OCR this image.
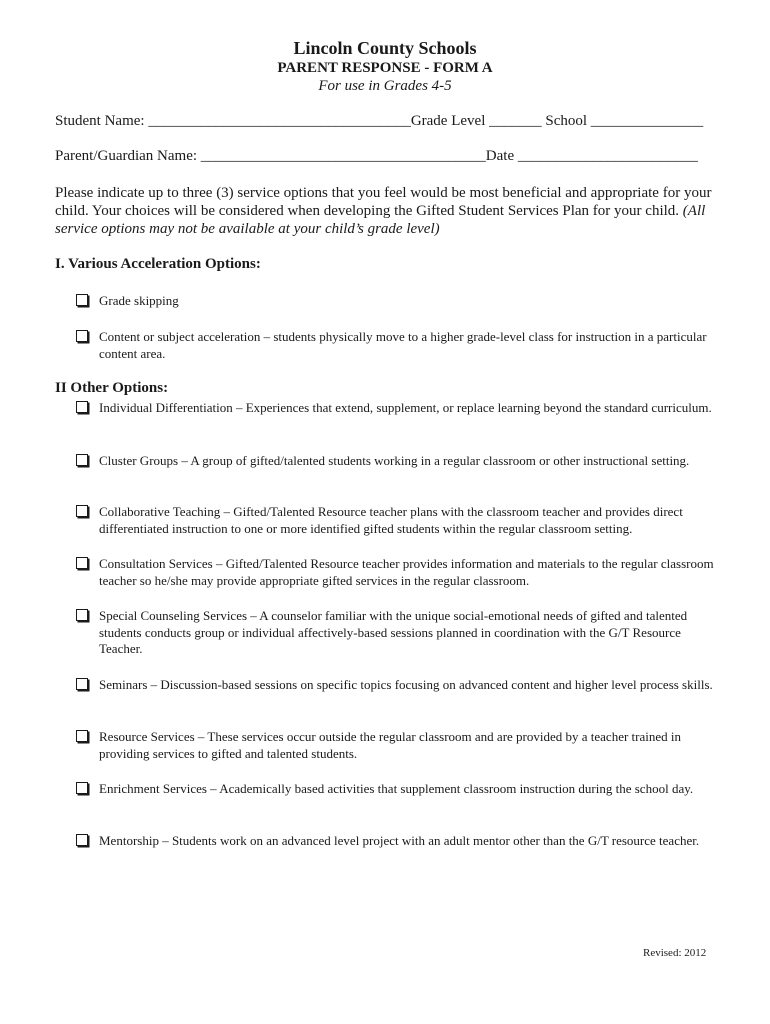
Lincoln County Schools
PARENT RESPONSE - FORM A
For use in Grades 4-5
Student Name: ___________________________________Grade Level _______ School _______________
Parent/Guardian Name: ______________________________________Date ________________________
Please indicate up to three (3) service options that you feel would be most beneficial and appropriate for your child. Your choices will be considered when developing the Gifted Student Services Plan for your child. (All service options may not be available at your child’s grade level)
I. Various Acceleration Options:
Grade skipping
Content or subject acceleration – students physically move to a higher grade-level class for instruction in a particular content area.
II Other Options:
Individual Differentiation – Experiences that extend, supplement, or replace learning beyond the standard curriculum.
Cluster Groups – A group of gifted/talented students working in a regular classroom or other instructional setting.
Collaborative Teaching – Gifted/Talented Resource teacher plans with the classroom teacher and provides direct differentiated instruction to one or more identified gifted students within the regular classroom setting.
Consultation Services – Gifted/Talented Resource teacher provides information and materials to the regular classroom teacher so he/she may provide appropriate gifted services in the regular classroom.
Special Counseling Services – A counselor familiar with the unique social-emotional needs of gifted and talented students conducts group or individual affectively-based sessions planned in coordination with the G/T Resource Teacher.
Seminars – Discussion-based sessions on specific topics focusing on advanced content and higher level process skills.
Resource Services – These services occur outside the regular classroom and are provided by a teacher trained in providing services to gifted and talented students.
Enrichment Services – Academically based activities that supplement classroom instruction during the school day.
Mentorship – Students work on an advanced level project with an adult mentor other than the G/T resource teacher.
Revised: 2012
